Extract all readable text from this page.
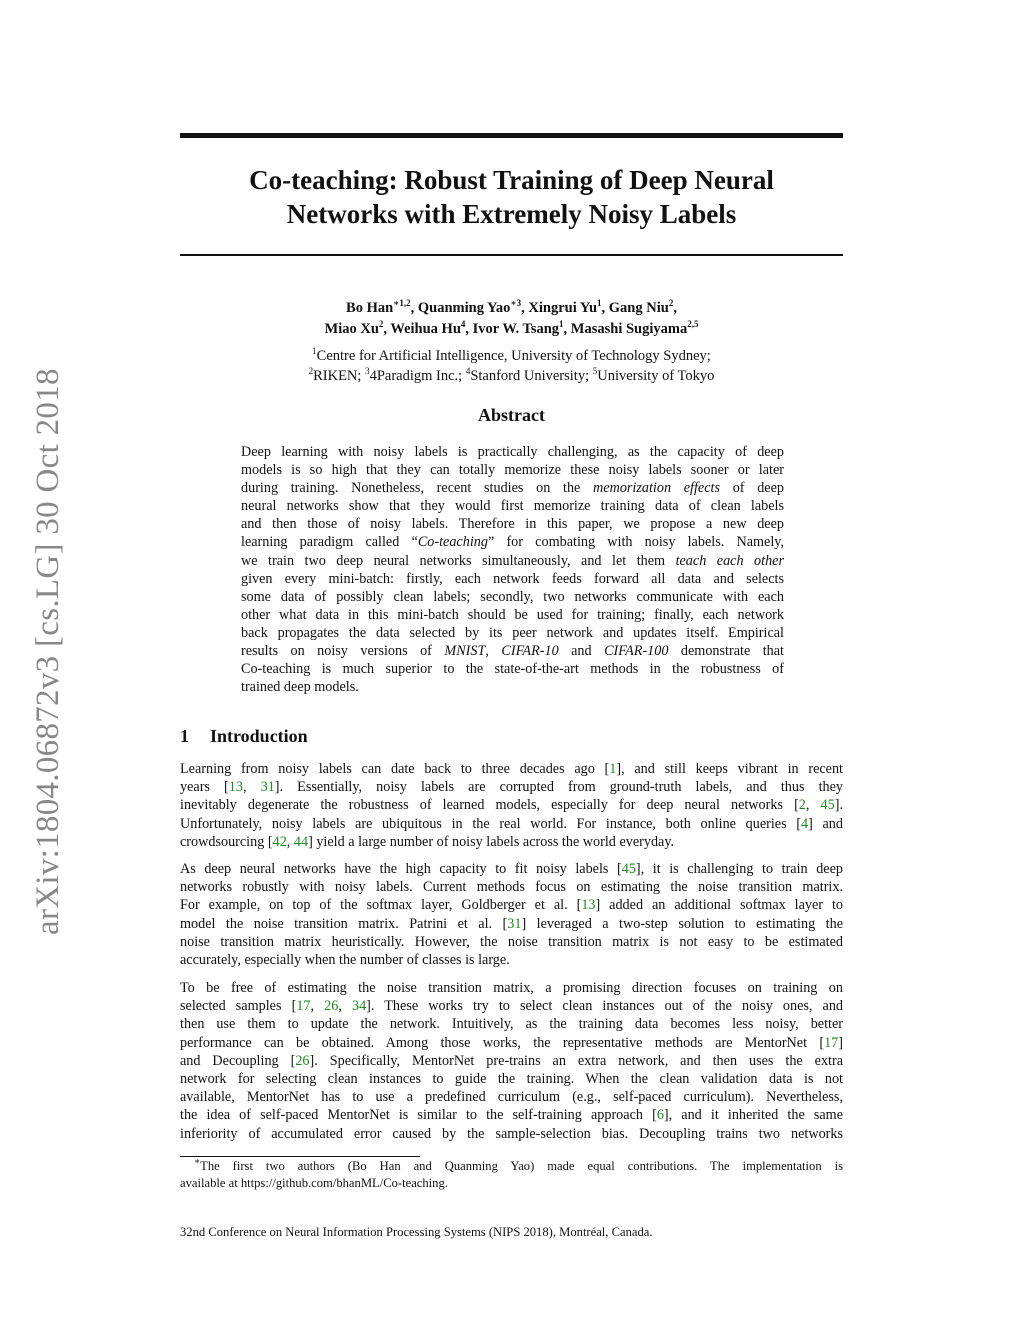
arXiv:1804.06872v3 [cs.LG] 30 Oct 2018
Co-teaching: Robust Training of Deep Neural
Networks with Extremely Noisy Labels
Bo Han$^{∗1,2}$, Quanming Yao$^{∗3}$, Xingrui Yu$^1$, Gang Niu$^2$,
Miao Xu$^2$, Weihua Hu$^4$, Ivor W. Tsang$^1$, Masashi Sugiyama$^{2,5}$
$^1$Centre for Artificial Intelligence, University of Technology Sydney;
$^2$RIKEN; $^3$4Paradigm Inc.; $^4$Stanford University; $^5$University of Tokyo
Abstract
Deep learning with noisy labels is practically challenging, as the capacity of deep
models is so high that they can totally memorize these noisy labels sooner or later
during training. Nonetheless, recent studies on the memorization effects of deep
neural networks show that they would first memorize training data of clean labels
and then those of noisy labels. Therefore in this paper, we propose a new deep
learning paradigm called “Co-teaching” for combating with noisy labels. Namely,
we train two deep neural networks simultaneously, and let them teach each other
given every mini-batch: firstly, each network feeds forward all data and selects
some data of possibly clean labels; secondly, two networks communicate with each
other what data in this mini-batch should be used for training; finally, each network
back propagates the data selected by its peer network and updates itself. Empirical
results on noisy versions of MNIST, CIFAR-10 and CIFAR-100 demonstrate that
Co-teaching is much superior to the state-of-the-art methods in the robustness of
trained deep models.
1 Introduction
Learning from noisy labels can date back to three decades ago [1], and still keeps vibrant in recent
years [13, 31]. Essentially, noisy labels are corrupted from ground-truth labels, and thus they
inevitably degenerate the robustness of learned models, especially for deep neural networks [2, 45].
Unfortunately, noisy labels are ubiquitous in the real world. For instance, both online queries [4] and
crowdsourcing [42, 44] yield a large number of noisy labels across the world everyday.
As deep neural networks have the high capacity to fit noisy labels [45], it is challenging to train deep
networks robustly with noisy labels. Current methods focus on estimating the noise transition matrix.
For example, on top of the softmax layer, Goldberger et al. [13] added an additional softmax layer to
model the noise transition matrix. Patrini et al. [31] leveraged a two-step solution to estimating the
noise transition matrix heuristically. However, the noise transition matrix is not easy to be estimated
accurately, especially when the number of classes is large.
To be free of estimating the noise transition matrix, a promising direction focuses on training on
selected samples [17, 26, 34]. These works try to select clean instances out of the noisy ones, and
then use them to update the network. Intuitively, as the training data becomes less noisy, better
performance can be obtained. Among those works, the representative methods are MentorNet [17]
and Decoupling [26]. Specifically, MentorNet pre-trains an extra network, and then uses the extra
network for selecting clean instances to guide the training. When the clean validation data is not
available, MentorNet has to use a predefined curriculum (e.g., self-paced curriculum). Nevertheless,
the idea of self-paced MentorNet is similar to the self-training approach [6], and it inherited the same
inferiority of accumulated error caused by the sample-selection bias. Decoupling trains two networks
∗The first two authors (Bo Han and Quanming Yao) made equal contributions. The implementation is
available at https://github.com/bhanML/Co-teaching.
32nd Conference on Neural Information Processing Systems (NIPS 2018), Montréal, Canada.
